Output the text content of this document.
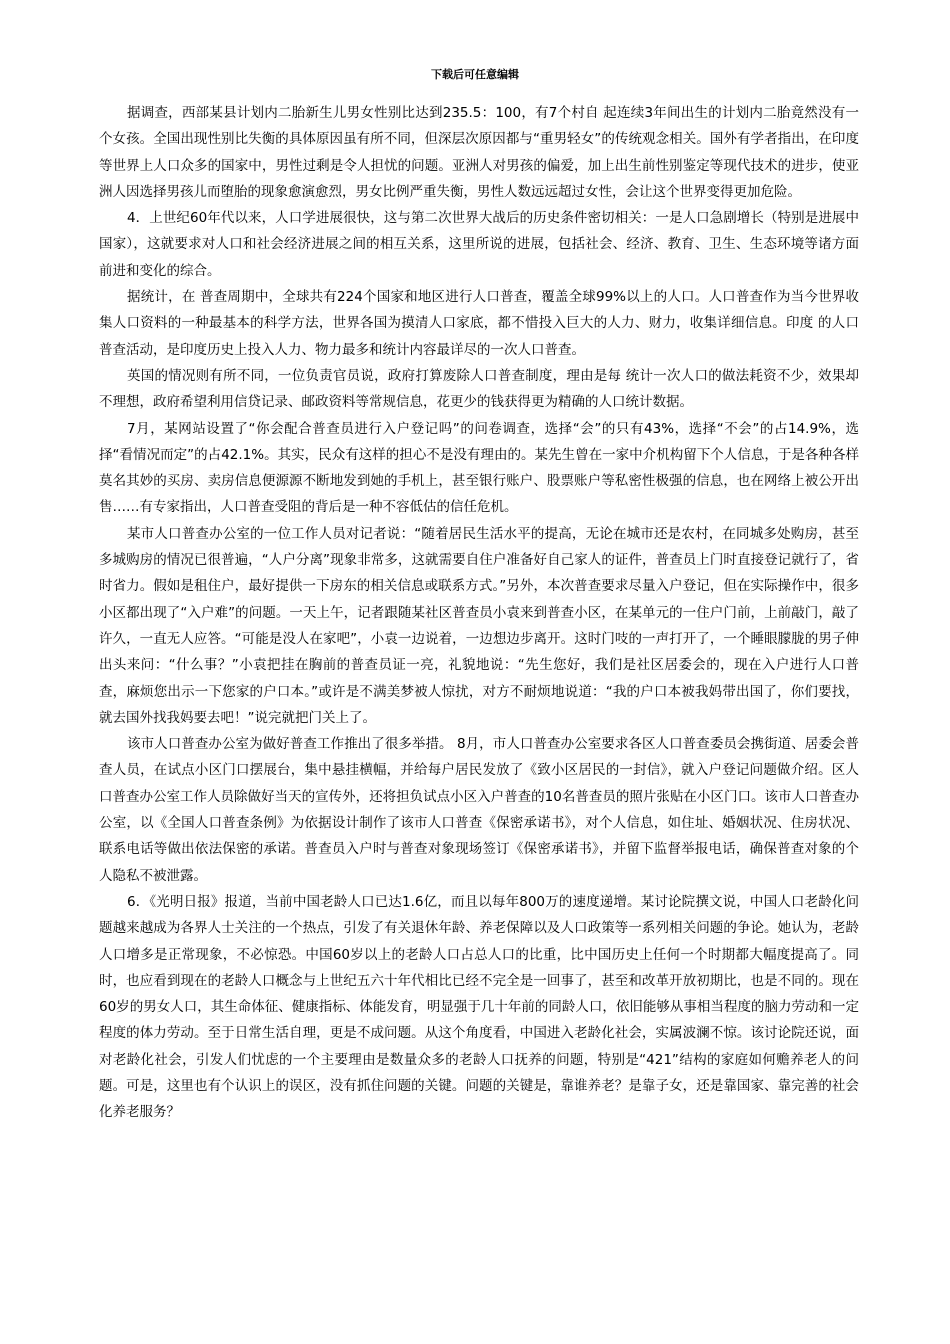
下载后可任意编辑

据调查，西部某县计划内二胎新生儿男女性别比达到235.5：100，有7个村自 起连续3年间出生的计划内二胎竟然没有一个女孩。全国出现性别比失衡的具体原因虽有所不同，但深层次原因都与“重男轻女”的传统观念相关。国外有学者指出，在印度等世界上人口众多的国家中，男性过剩是令人担忧的问题。亚洲人对男孩的偏爱，加上出生前性别鉴定等现代技术的进步，使亚洲人因选择男孩儿而堕胎的现象愈演愈烈，男女比例严重失衡，男性人数远远超过女性，会让这个世界变得更加危险。

4．上世纪60年代以来，人口学进展很快，这与第二次世界大战后的历史条件密切相关：一是人口急剧增长（特别是进展中国家），这就要求对人口和社会经济进展之间的相互关系，这里所说的进展，包括社会、经济、教育、卫生、生态环境等诸方面前进和变化的综合。

据统计，在 普查周期中，全球共有224个国家和地区进行人口普查，覆盖全球99%以上的人口。人口普查作为当今世界收集人口资料的一种最基本的科学方法，世界各国为摸清人口家底，都不惜投入巨大的人力、财力，收集详细信息。印度 的人口普查活动，是印度历史上投入人力、物力最多和统计内容最详尽的一次人口普查。

英国的情况则有所不同，一位负责官员说，政府打算废除人口普查制度，理由是每 统计一次人口的做法耗资不少，效果却不理想，政府希望利用信贷记录、邮政资料等常规信息，花更少的钱获得更为精确的人口统计数据。

7月，某网站设置了“你会配合普查员进行入户登记吗”的问卷调查，选择“会”的只有43%，选择“不会”的占14.9%，选择“看情况而定”的占42.1%。其实，民众有这样的担心不是没有理由的。某先生曾在一家中介机构留下个人信息，于是各种各样莫名其妙的买房、卖房信息便源源不断地发到她的手机上，甚至银行账户、股票账户等私密性极强的信息，也在网络上被公开出售……有专家指出，人口普查受阻的背后是一种不容低估的信任危机。

某市人口普查办公室的一位工作人员对记者说：“随着居民生活水平的提高，无论在城市还是农村，在同城多处购房，甚至多城购房的情况已很普遍，“人户分离”现象非常多，这就需要自住户准备好自己家人的证件，普查员上门时直接登记就行了，省时省力。假如是租住户，最好提供一下房东的相关信息或联系方式。”另外，本次普查要求尽量入户登记，但在实际操作中，很多小区都出现了“入户难”的问题。一天上午，记者跟随某社区普查员小袁来到普查小区，在某单元的一住户门前，上前敲门，敲了许久，一直无人应答。“可能是没人在家吧”，小袁一边说着，一边想边步离开。这时门吱的一声打开了，一个睡眼朦胧的男子伸出头来问：“什么事？”小袁把挂在胸前的普查员证一亮，礼貌地说：“先生您好，我们是社区居委会的，现在入户进行人口普查，麻烦您出示一下您家的户口本。”或许是不满美梦被人惊扰，对方不耐烦地说道：“我的户口本被我妈带出国了，你们要找，就去国外找我妈要去吧！”说完就把门关上了。

该市人口普查办公室为做好普查工作推出了很多举措。 8月，市人口普查办公室要求各区人口普查委员会携街道、居委会普查人员，在试点小区门口摆展台，集中悬挂横幅，并给每户居民发放了《致小区居民的一封信》，就入户登记问题做介绍。区人口普查办公室工作人员除做好当天的宣传外，还将担负试点小区入户普查的10名普查员的照片张贴在小区门口。该市人口普查办公室，以《全国人口普查条例》为依据设计制作了该市人口普查《保密承诺书》，对个人信息，如住址、婚姻状况、住房状况、联系电话等做出依法保密的承诺。普查员入户时与普查对象现场签订《保密承诺书》，并留下监督举报电话，确保普查对象的个人隐私不被泄露。

6．《光明日报》报道，当前中国老龄人口已达1.6亿，而且以每年800万的速度递增。某讨论院撰文说，中国人口老龄化问题越来越成为各界人士关注的一个热点，引发了有关退休年龄、养老保障以及人口政策等一系列相关问题的争论。她认为，老龄人口增多是正常现象，不必惊恐。中国60岁以上的老龄人口占总人口的比重，比中国历史上任何一个时期都大幅度提高了。同时，也应看到现在的老龄人口概念与上世纪五六十年代相比已经不完全是一回事了，甚至和改革开放初期比，也是不同的。现在60岁的男女人口，其生命体征、健康指标、体能发育，明显强于几十年前的同龄人口，依旧能够从事相当程度的脑力劳动和一定程度的体力劳动。至于日常生活自理，更是不成问题。从这个角度看，中国进入老龄化社会，实属波澜不惊。该讨论院还说，面对老龄化社会，引发人们忧虑的一个主要理由是数量众多的老龄人口抚养的问题，特别是“421”结构的家庭如何赡养老人的问题。可是，这里也有个认识上的误区，没有抓住问题的关键。问题的关键是，靠谁养老？是靠子女，还是靠国家、靠完善的社会化养老服务？
